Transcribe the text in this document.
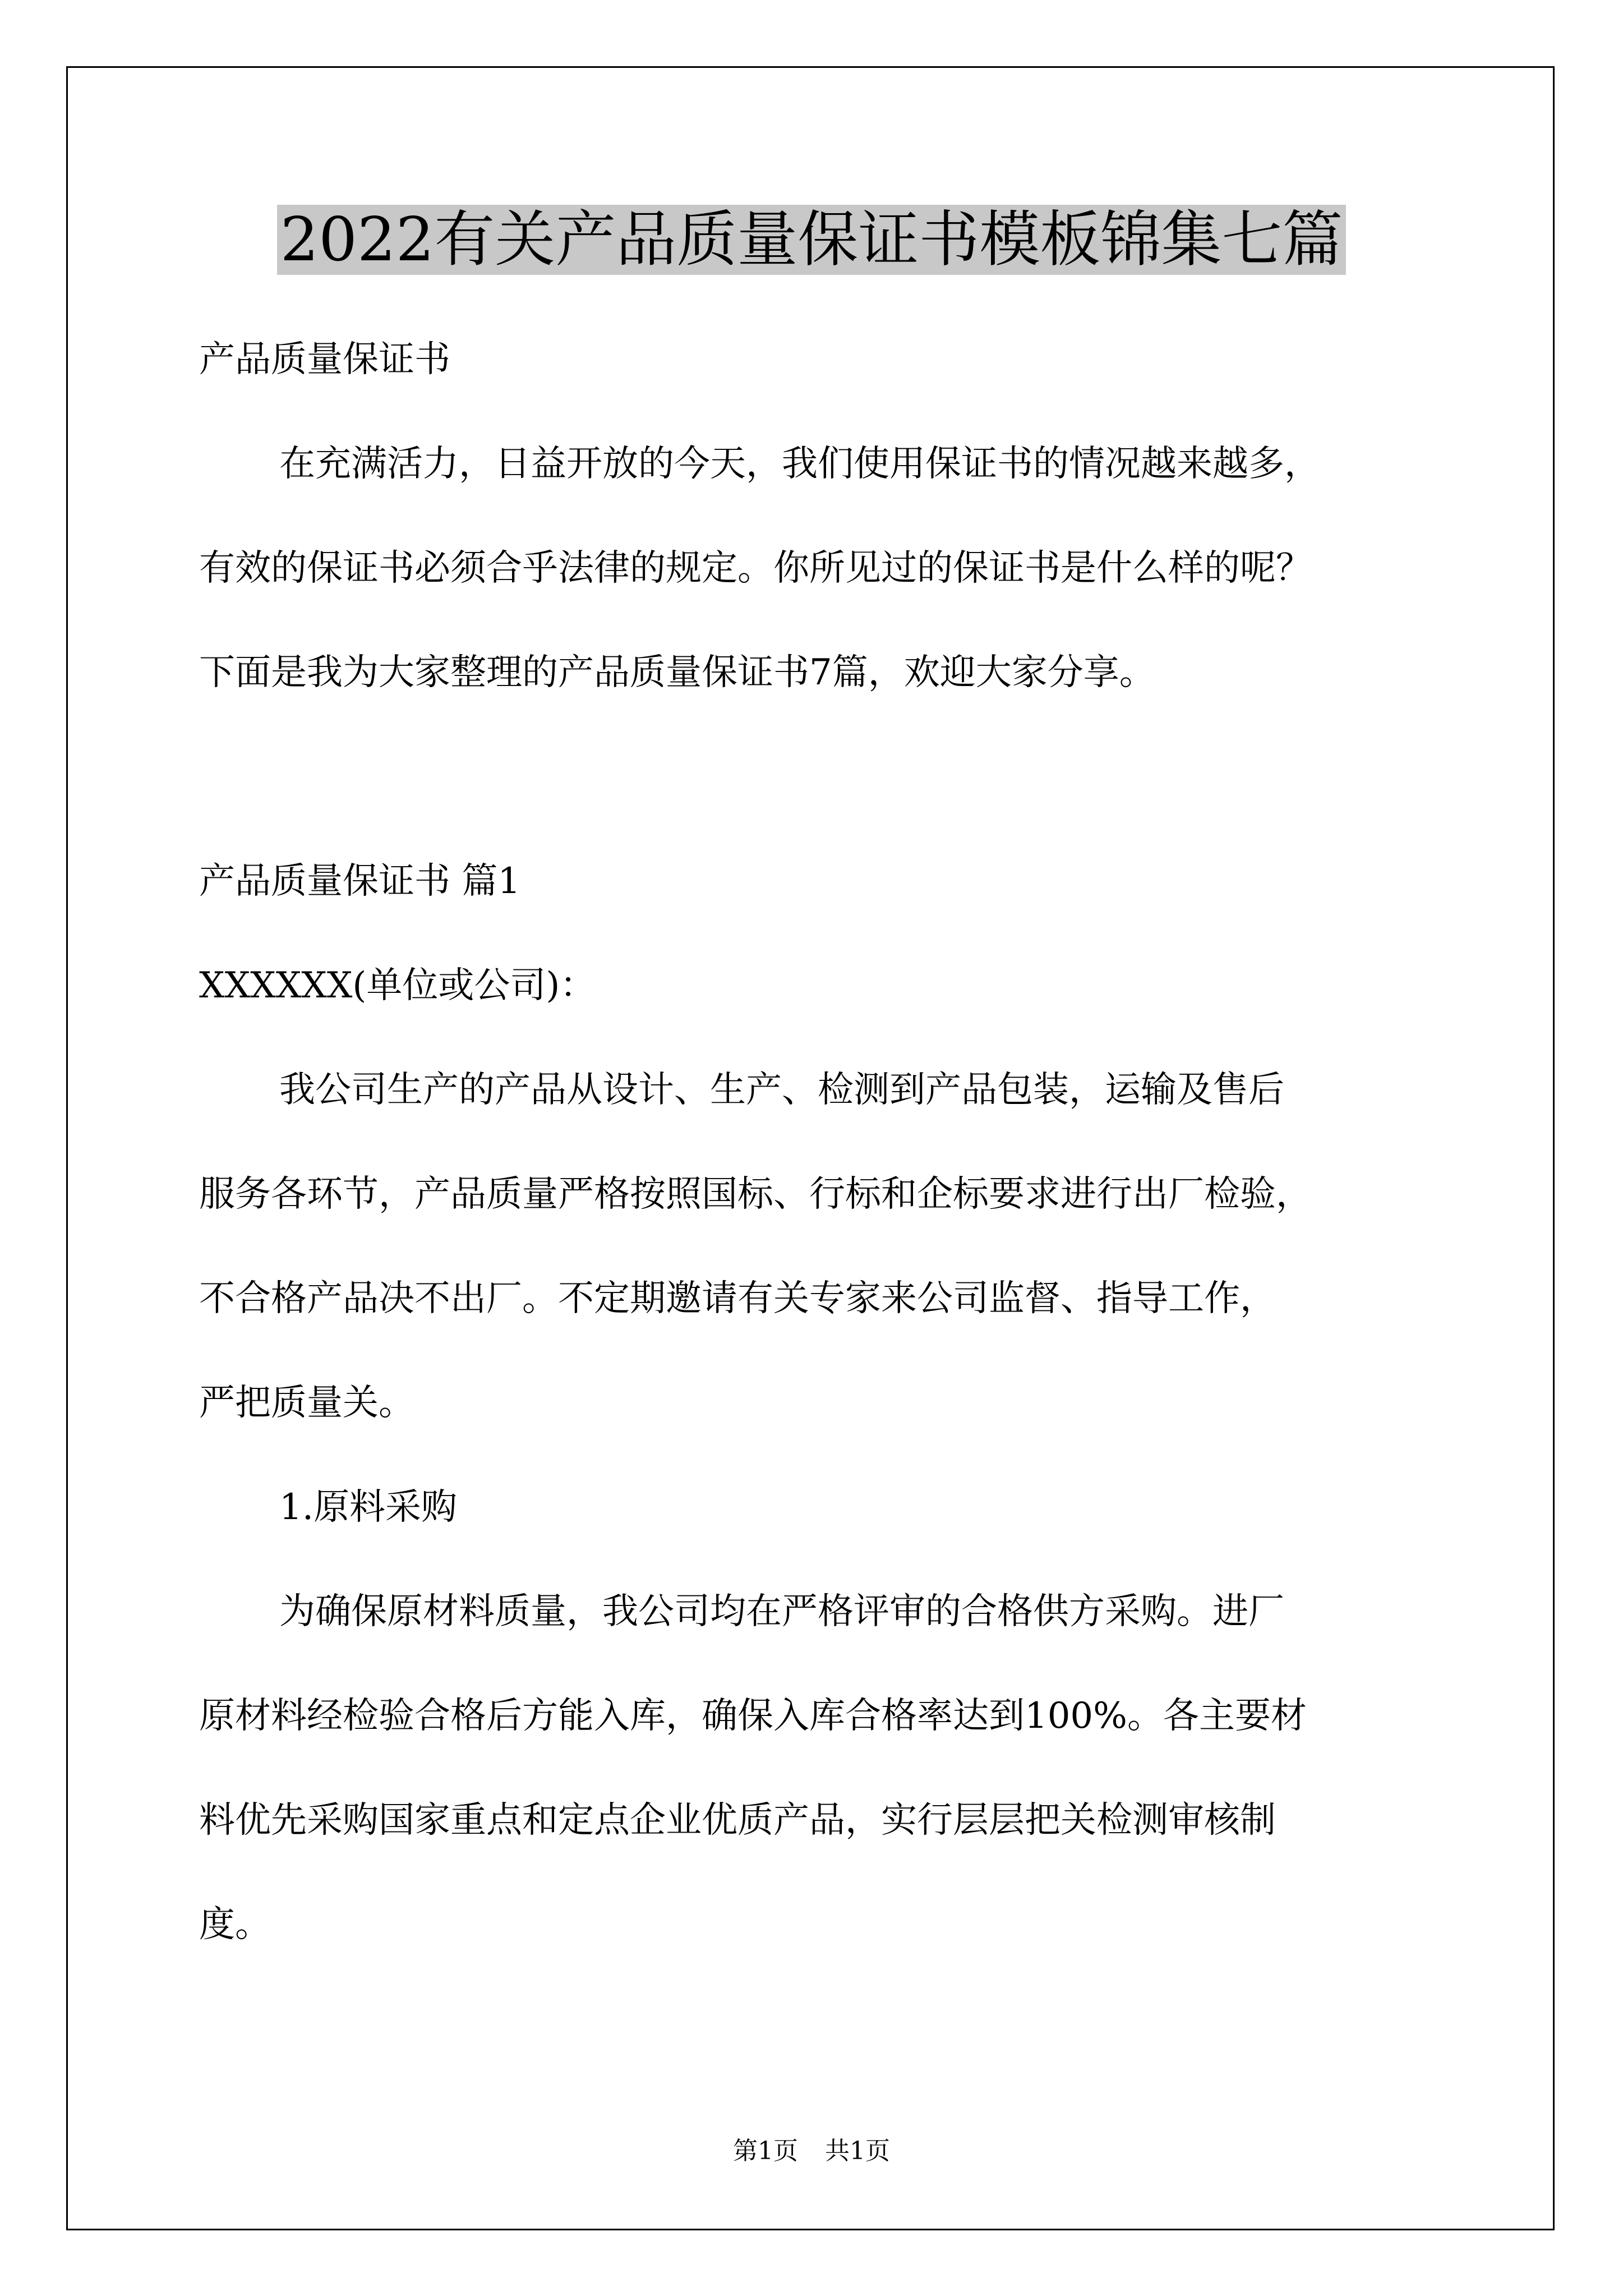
2022有关产品质量保证书模板锦集七篇
产品质量保证书
在充满活力，日益开放的今天，我们使用保证书的情况越来越多，
有效的保证书必须合乎法律的规定。你所见过的保证书是什么样的呢？
下面是我为大家整理的产品质量保证书7篇，欢迎大家分享。
产品质量保证书 篇1
XXXXXX(单位或公司)：
我公司生产的产品从设计、生产、检测到产品包装，运输及售后
服务各环节，产品质量严格按照国标、行标和企标要求进行出厂检验，
不合格产品决不出厂。不定期邀请有关专家来公司监督、指导工作，
严把质量关。
1.原料采购
为确保原材料质量，我公司均在严格评审的合格供方采购。进厂
原材料经检验合格后方能入库，确保入库合格率达到100%。各主要材
料优先采购国家重点和定点企业优质产品，实行层层把关检测审核制
度。
第1页 共1页
